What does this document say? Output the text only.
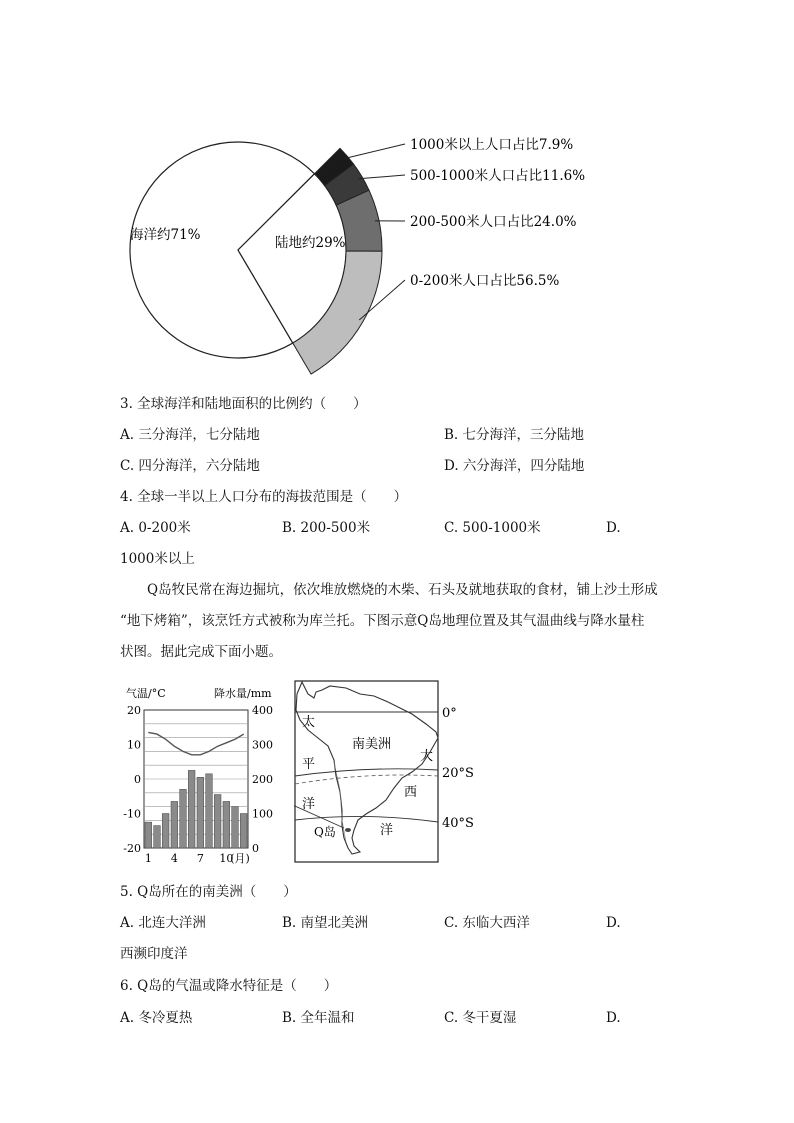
海洋约71%	陆地约29%
1000米以上人口占比7.9%
500-1000米人口占比11.6%
200-500米人口占比24.0%
0-200米人口占比56.5%
3. 全球海洋和陆地面积的比例约（　　）
A. 三分海洋，七分陆地	B. 七分海洋，三分陆地
C. 四分海洋，六分陆地	D. 六分海洋，四分陆地
4. 全球一半以上人口分布的海拔范围是（　　）
A. 0-200米	B. 200-500米	C. 500-1000米	D.
1000米以上
Q岛牧民常在海边掘坑，依次堆放燃烧的木柴、石头及就地获取的食材，铺上沙土形成
“地下烤箱”，该烹饪方式被称为库兰托。下图示意Q岛地理位置及其气温曲线与降水量柱
状图。据此完成下面小题。
气温/°C	降水量/mm
20
10
0
-10
-20
400
300
200
100
0
1 4 7 10
(月)
南美洲
太
平
洋
大
西
洋
0°
20°S
40°S
Q岛
5. Q岛所在的南美洲（　　）
A. 北连大洋洲	B. 南望北美洲	C. 东临大西洋	D.
西濒印度洋
6. Q岛的气温或降水特征是（　　）
A. 冬冷夏热	B. 全年温和	C. 冬干夏湿	D.
